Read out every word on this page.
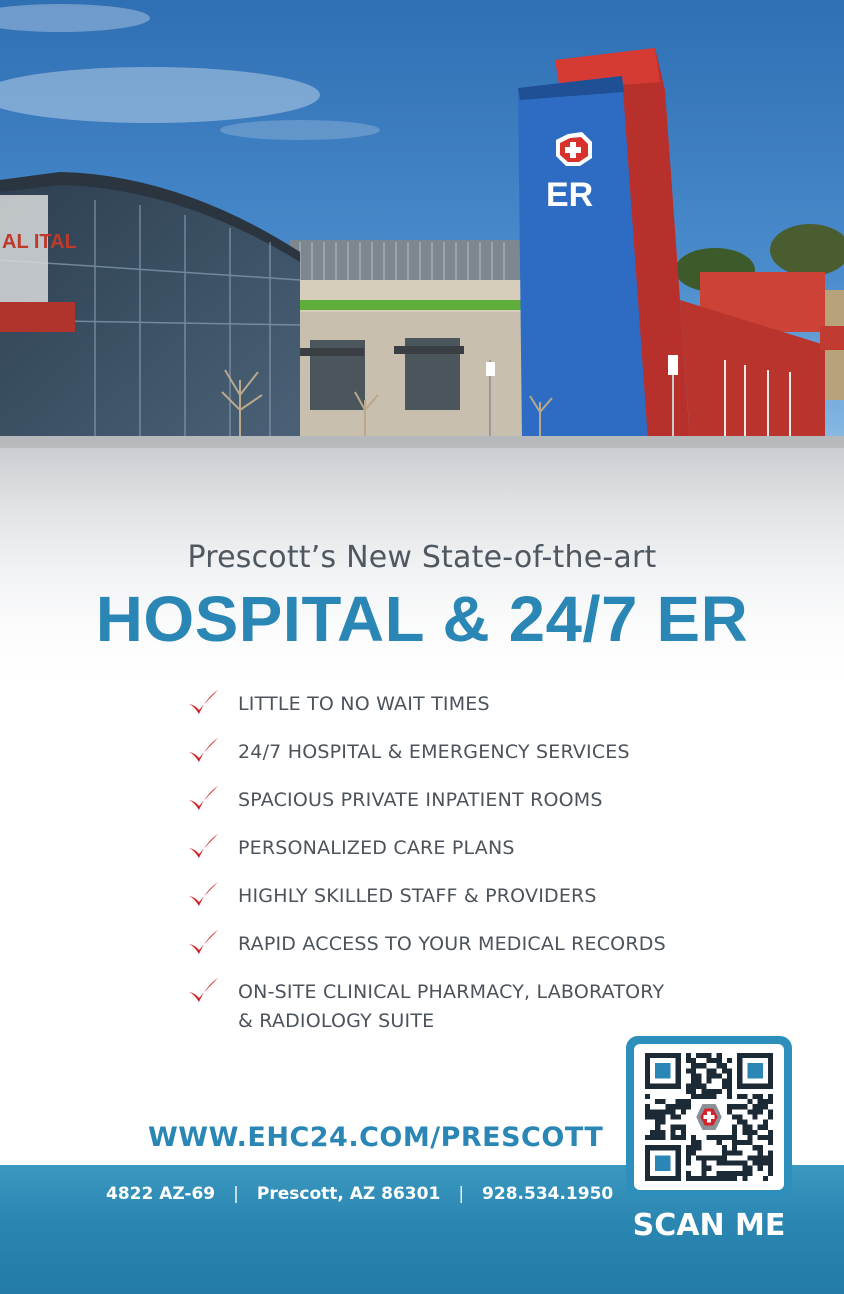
AL ITAL
ER
Prescott’s New State-of-the-art
HOSPITAL & 24/7 ER
LITTLE TO NO WAIT TIMES
24/7 HOSPITAL & EMERGENCY SERVICES
SPACIOUS PRIVATE INPATIENT ROOMS
PERSONALIZED CARE PLANS
HIGHLY SKILLED STAFF & PROVIDERS
RAPID ACCESS TO YOUR MEDICAL RECORDS
ON-SITE CLINICAL PHARMACY, LABORATORY
& RADIOLOGY SUITE
WWW.EHC24.COM/PRESCOTT
4822 AZ-69 | Prescott, AZ 86301 | 928.534.1950
SCAN ME
